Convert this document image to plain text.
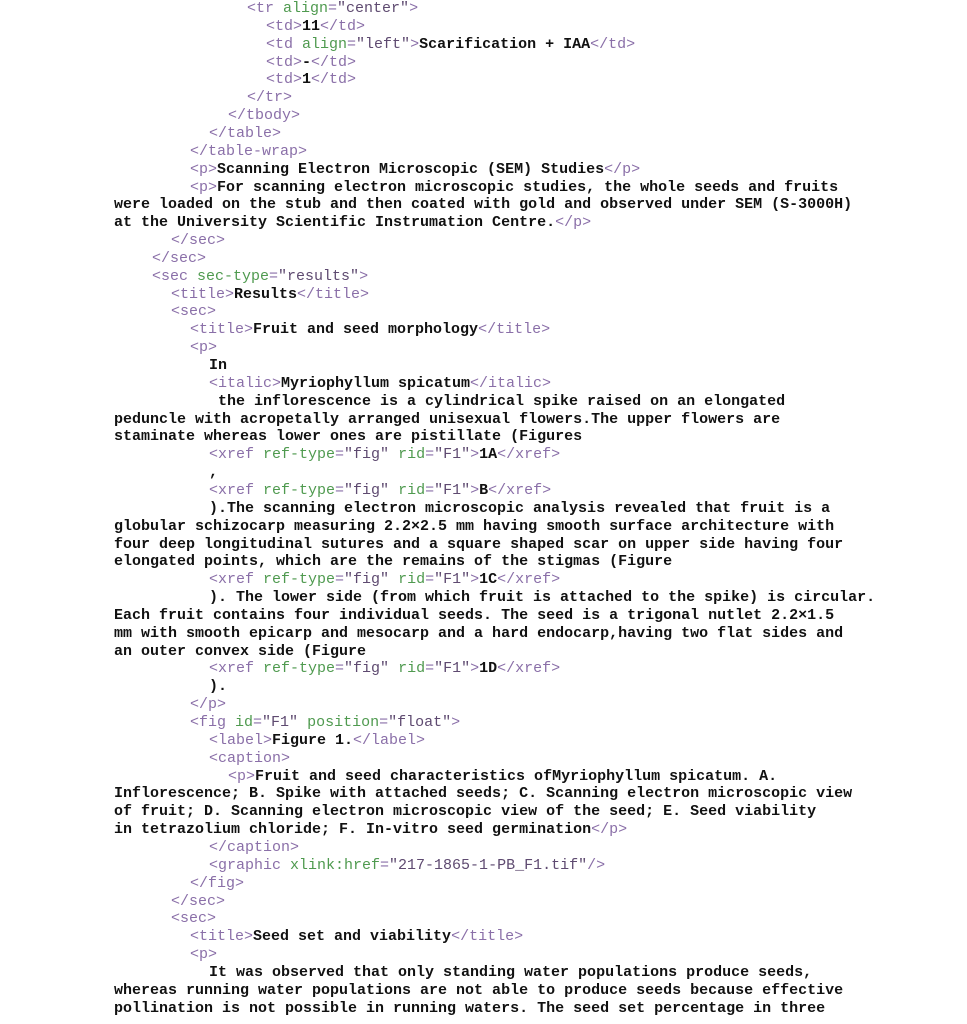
<tr align="center">
<td>11</td>
<td align="left">Scarification + IAA</td>
<td>-</td>
<td>1</td>
</tr>
</tbody>
</table>
</table-wrap>
<p>Scanning Electron Microscopic (SEM) Studies</p>
<p>For scanning electron microscopic studies, the whole seeds and fruits
were loaded on the stub and then coated with gold and observed under SEM (S-3000H)
at the University Scientific Instrumation Centre.</p>
</sec>
</sec>
<sec sec-type="results">
<title>Results</title>
<sec>
<title>Fruit and seed morphology</title>
<p>
In
<italic>Myriophyllum spicatum</italic>
the inflorescence is a cylindrical spike raised on an elongated
peduncle with acropetally arranged unisexual flowers.The upper flowers are
staminate whereas lower ones are pistillate (Figures
<xref ref-type="fig" rid="F1">1A</xref>
,
<xref ref-type="fig" rid="F1">B</xref>
).The scanning electron microscopic analysis revealed that fruit is a
globular schizocarp measuring 2.2×2.5 mm having smooth surface architecture with
four deep longitudinal sutures and a square shaped scar on upper side having four
elongated points, which are the remains of the stigmas (Figure
<xref ref-type="fig" rid="F1">1C</xref>
). The lower side (from which fruit is attached to the spike) is circular.
Each fruit contains four individual seeds. The seed is a trigonal nutlet 2.2×1.5
mm with smooth epicarp and mesocarp and a hard endocarp,having two flat sides and
an outer convex side (Figure
<xref ref-type="fig" rid="F1">1D</xref>
).
</p>
<fig id="F1" position="float">
<label>Figure 1.</label>
<caption>
<p>Fruit and seed characteristics ofMyriophyllum spicatum. A.
Inflorescence; B. Spike with attached seeds; C. Scanning electron microscopic view
of fruit; D. Scanning electron microscopic view of the seed; E. Seed viability
in tetrazolium chloride; F. In-vitro seed germination</p>
</caption>
<graphic xlink:href="217-1865-1-PB_F1.tif"/>
</fig>
</sec>
<sec>
<title>Seed set and viability</title>
<p>
It was observed that only standing water populations produce seeds,
whereas running water populations are not able to produce seeds because effective
pollination is not possible in running waters. The seed set percentage in three
